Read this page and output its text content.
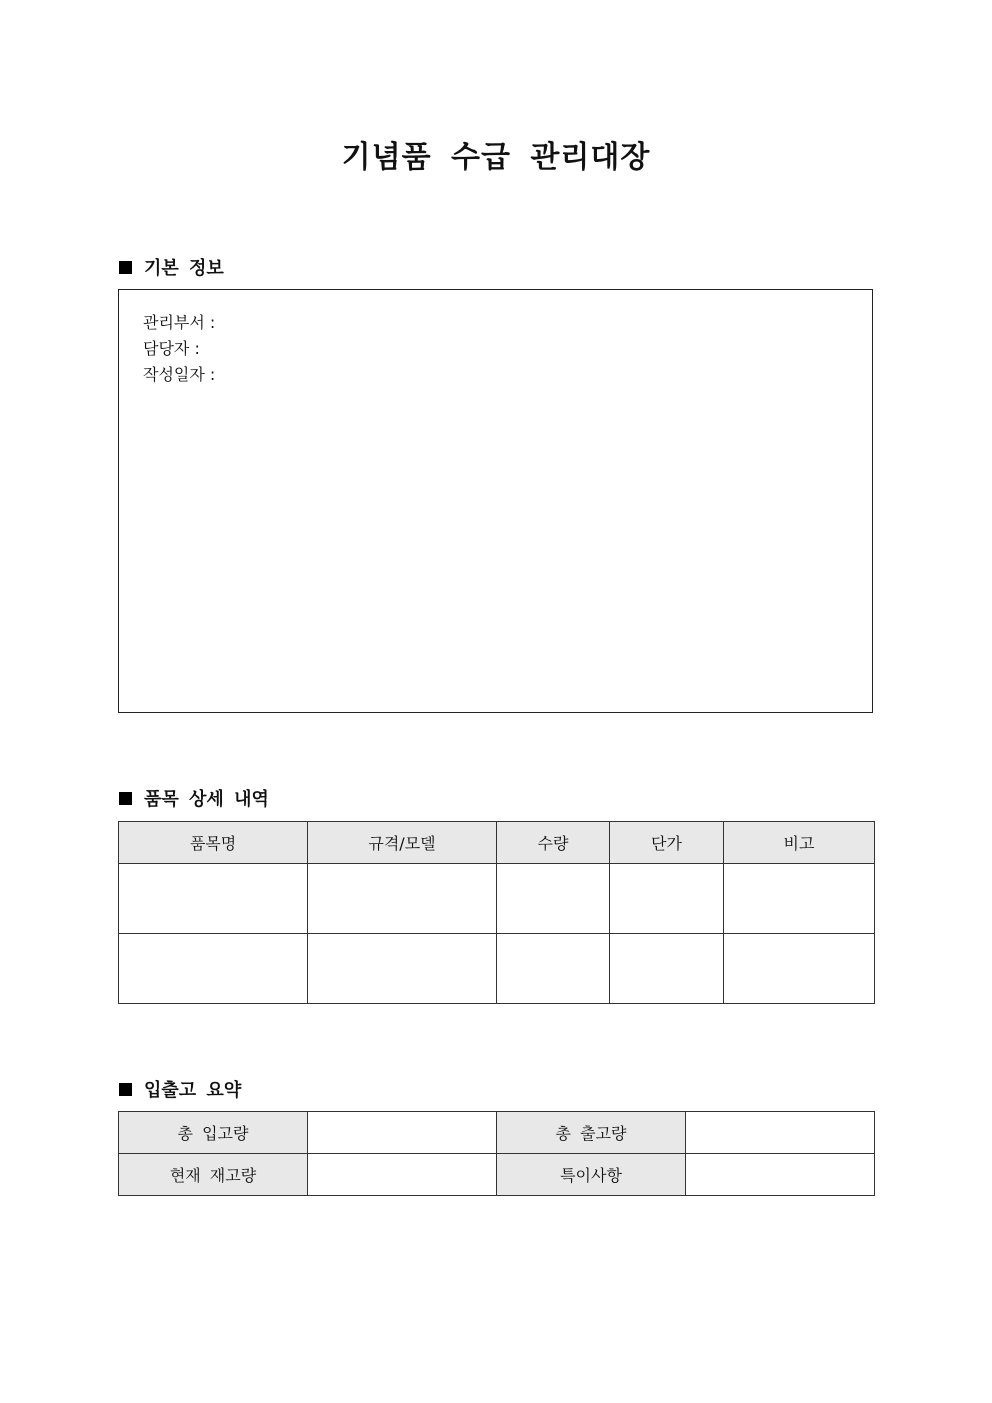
기념품 수급 관리대장
기본 정보
관리부서 :
담당자 :
작성일자 :
품목 상세 내역
품목명	규격/모델	수량	단가	비고

입출고 요약
총 입고량		총 출고량	
현재 재고량		특이사항	
